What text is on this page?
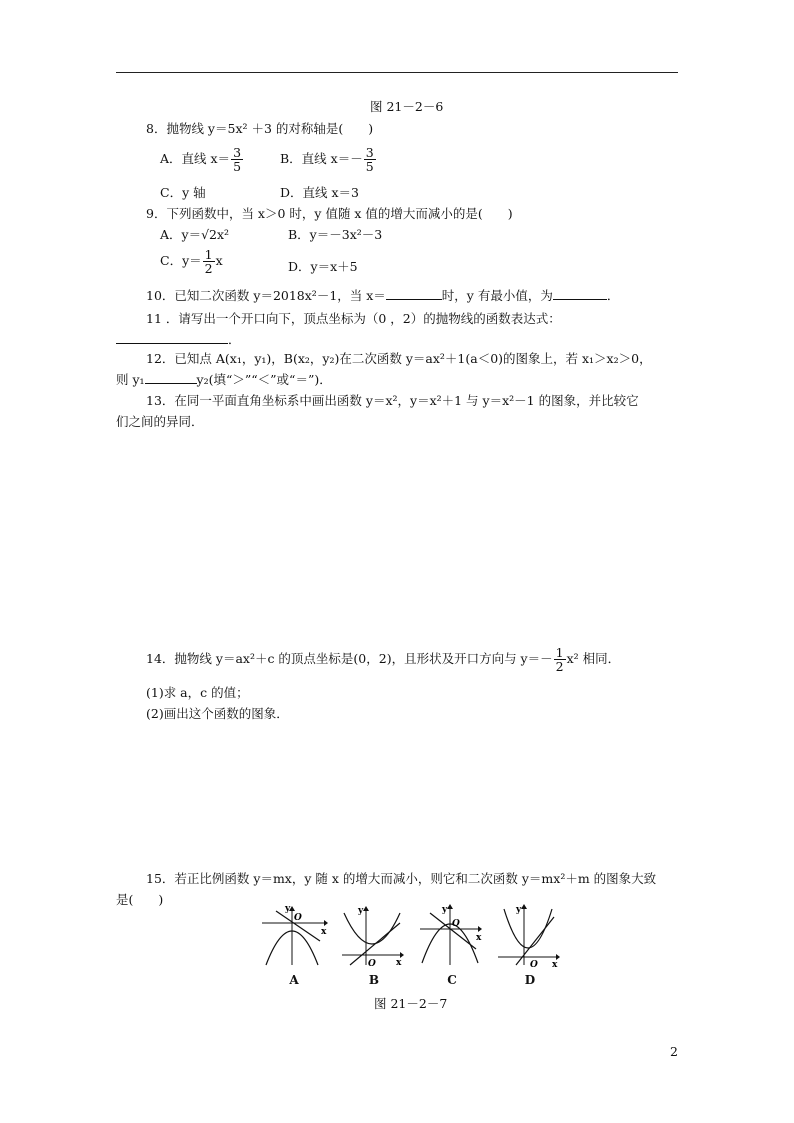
图 21－2－6
8．抛物线 y＝5x² ＋3 的对称轴是(　　)
A．直线 $x= \frac{3}{5}$	B．直线 $x=- \frac{3}{5}$
C．y 轴	D．直线 x＝3
9．下列函数中，当 x＞0 时，y 值随 x 值的增大而减小的是(　　)
A．y＝√2x²	B．y＝－3x²－3
C．$y= \frac{1}{2}$ x	D．y＝x＋5
10．已知二次函数 y＝2018x²－1，当 x＝	时，y 有最小值，为	．
11 ．请写出一个开口向下，顶点坐标为（0 ，2）的抛物线的函数表达式：
．
12．已知点 A(x₁，y₁)，B(x₂，y₂)在二次函数 y＝ax²＋1(a＜0)的图象上，若 x₁＞x₂＞0，
则 y₁	y₂(填“＞”“＜”或“＝”)．
13．在同一平面直角坐标系中画出函数 y＝x²，y＝x²＋1 与 y＝x²－1 的图象，并比较它
们之间的异同．
14．抛物线 y＝ax²＋c 的顶点坐标是(0，2)，且形状及开口方向与 $y=- \frac{1}{2} x^2$ 相同．
(1)求 a，c 的值；
(2)画出这个函数的图象．
15．若正比例函数 y＝mx，y 随 x 的增大而减小，则它和二次函数 y＝mx²＋m 的图象大致
是(　　)
y
O
x
A
y
O x
B
y
O
x
C
y
O x
D
图 21－2－7
2
